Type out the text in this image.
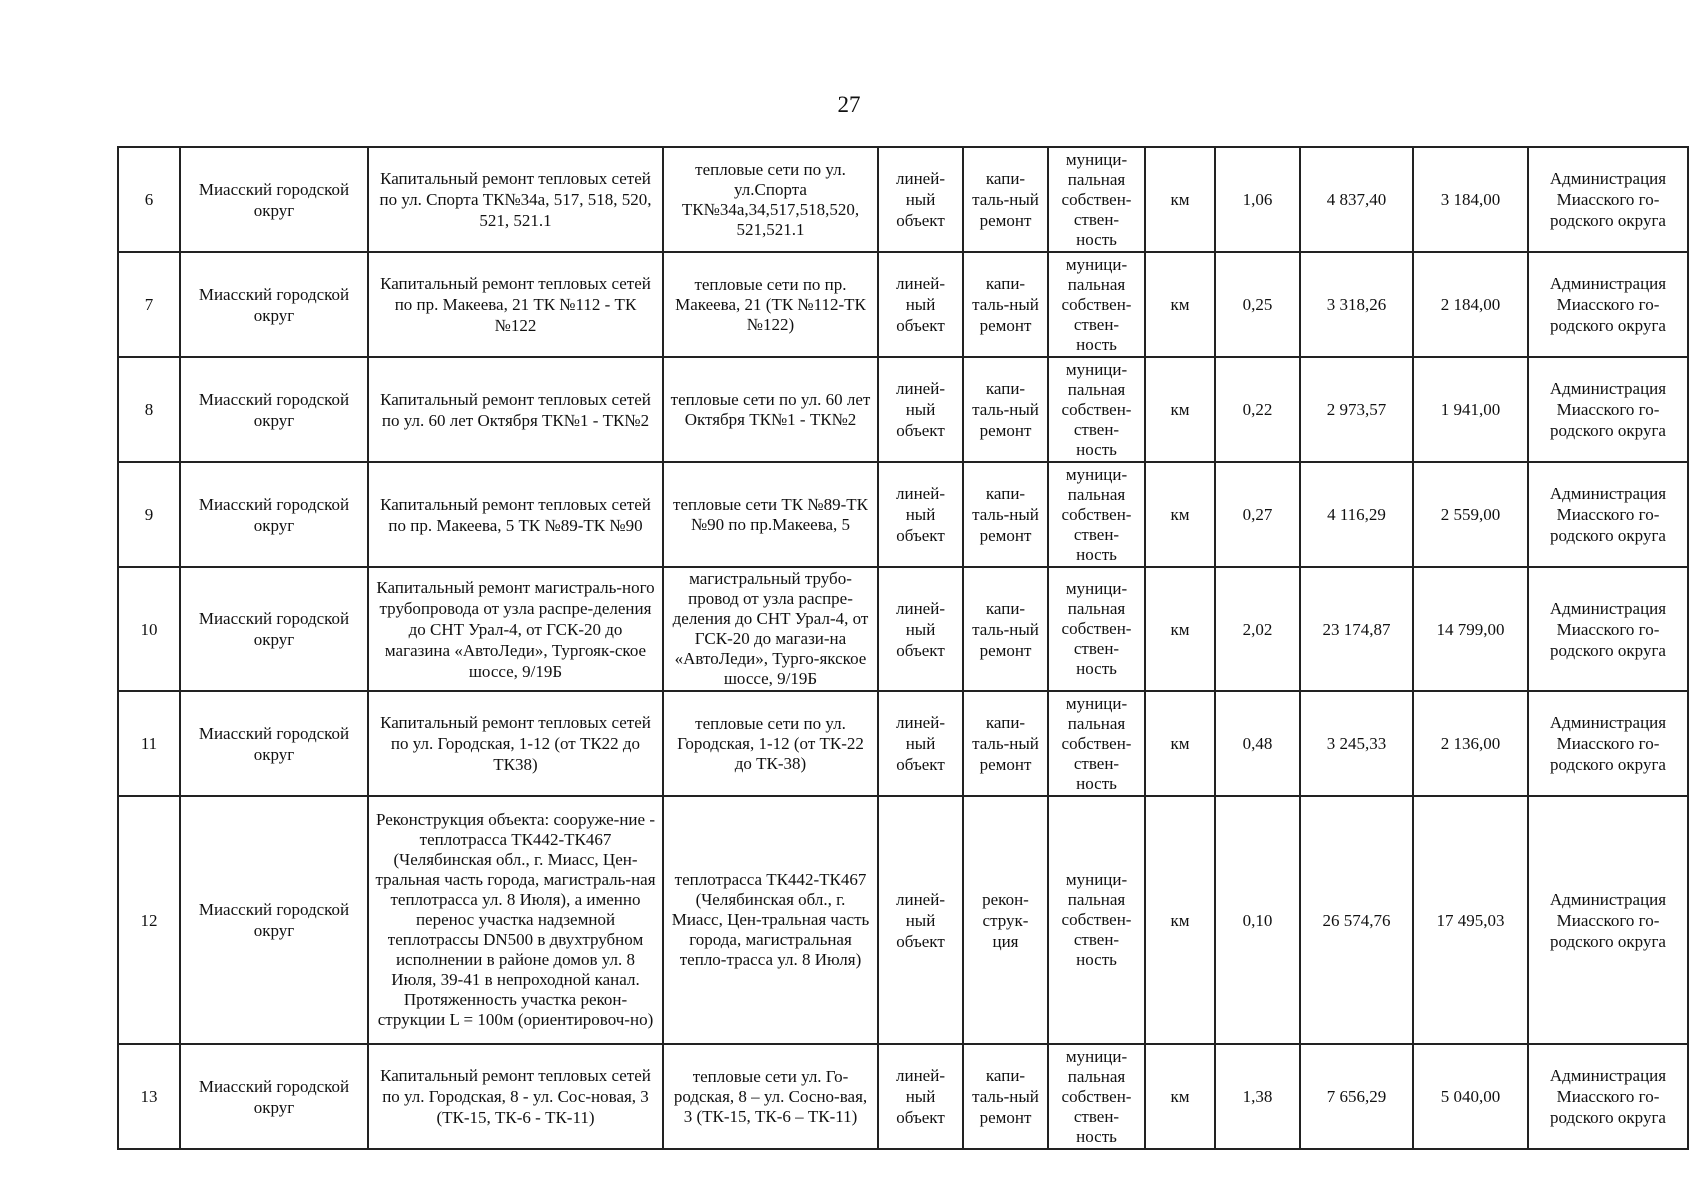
27
6	Миасский городской округ	Капитальный ремонт тепловых сетей по ул. Спорта ТК№34а, 517, 518, 520, 521, 521.1	тепловые сети по ул. ул.Спорта ТК№34а,34,517,518,520, 521,521.1	линей-ный объект	капи-таль-ный ремонт	муници-пальная собствен-ствен-ность	км	1,06	4 837,40	3 184,00	Администрация Миасского го-родского округа
7	Миасский городской округ	Капитальный ремонт тепловых сетей по пр. Макеева, 21 ТК №112 - ТК №122	тепловые сети по пр. Макеева, 21 (ТК №112-ТК №122)	линей-ный объект	капи-таль-ный ремонт	муници-пальная собствен-ствен-ность	км	0,25	3 318,26	2 184,00	Администрация Миасского го-родского округа
8	Миасский городской округ	Капитальный ремонт тепловых сетей по ул. 60 лет Октября ТК№1 - ТК№2	тепловые сети по ул. 60 лет Октября ТК№1 - ТК№2	линей-ный объект	капи-таль-ный ремонт	муници-пальная собствен-ствен-ность	км	0,22	2 973,57	1 941,00	Администрация Миасского го-родского округа
9	Миасский городской округ	Капитальный ремонт тепловых сетей по пр. Макеева, 5 ТК №89-ТК №90	тепловые сети ТК №89-ТК №90 по пр.Макеева, 5	линей-ный объект	капи-таль-ный ремонт	муници-пальная собствен-ствен-ность	км	0,27	4 116,29	2 559,00	Администрация Миасского го-родского округа
10	Миасский городской округ	Капитальный ремонт магистраль-ного трубопровода от узла распре-деления до СНТ Урал-4, от ГСК-20 до магазина «АвтоЛеди», Тургояк-ское шоссе, 9/19Б	магистральный трубо-провод от узла распре-деления до СНТ Урал-4, от ГСК-20 до магази-на «АвтоЛеди», Турго-якское шоссе, 9/19Б	линей-ный объект	капи-таль-ный ремонт	муници-пальная собствен-ствен-ность	км	2,02	23 174,87	14 799,00	Администрация Миасского го-родского округа
11	Миасский городской округ	Капитальный ремонт тепловых сетей по ул. Городская, 1-12 (от ТК22 до ТК38)	тепловые сети по ул. Городская, 1-12 (от ТК-22 до ТК-38)	линей-ный объект	капи-таль-ный ремонт	муници-пальная собствен-ствен-ность	км	0,48	3 245,33	2 136,00	Администрация Миасского го-родского округа
12	Миасский городской округ	Реконструкция объекта: сооруже-ние - теплотрасса ТК442-ТК467 (Челябинская обл., г. Миасс, Цен-тральная часть города, магистраль-ная теплотрасса ул. 8 Июля), а именно перенос участка надземной теплотрассы DN500 в двухтрубном исполнении в районе домов ул. 8 Июля, 39-41 в непроходной канал. Протяженность участка рекон-струкции L = 100м (ориентировоч-но)	теплотрасса ТК442-ТК467 (Челябинская обл., г. Миасс, Цен-тральная часть города, магистральная тепло-трасса ул. 8 Июля)	линей-ный объект	рекон-струк-ция	муници-пальная собствен-ствен-ность	км	0,10	26 574,76	17 495,03	Администрация Миасского го-родского округа
13	Миасский городской округ	Капитальный ремонт тепловых сетей по ул. Городская, 8 - ул. Сос-новая, 3 (ТК-15, ТК-6 - ТК-11)	тепловые сети ул. Го-родская, 8 – ул. Сосно-вая, 3 (ТК-15, ТК-6 – ТК-11)	линей-ный объект	капи-таль-ный ремонт	муници-пальная собствен-ствен-ность	км	1,38	7 656,29	5 040,00	Администрация Миасского го-родского округа
